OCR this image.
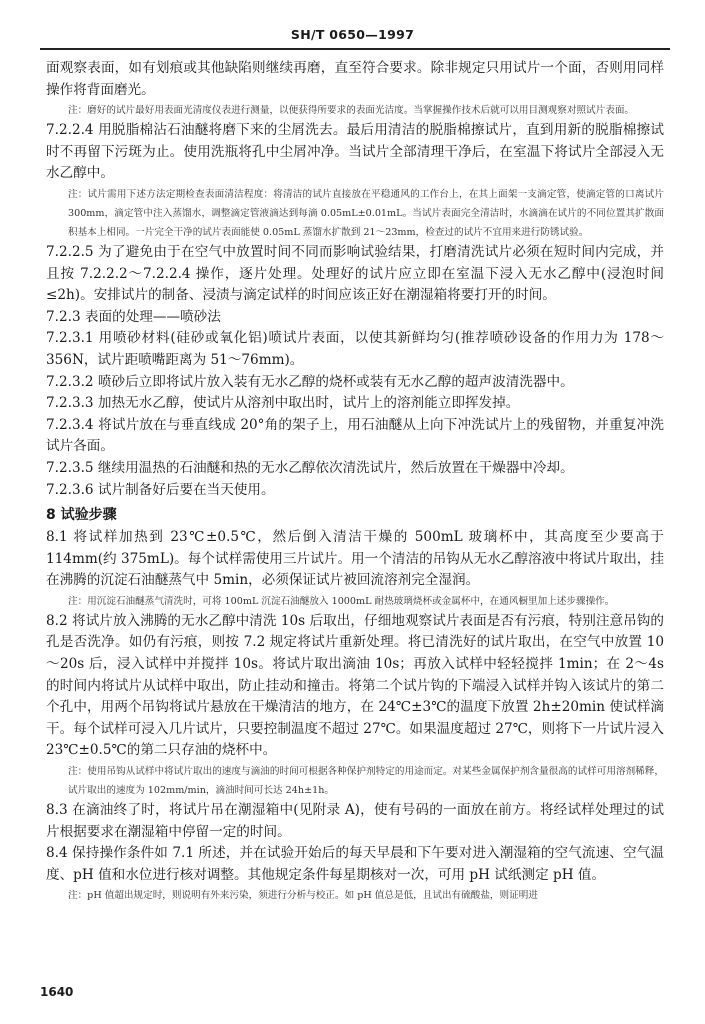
SH/T 0650—1997

面观察表面，如有划痕或其他缺陷则继续再磨，直至符合要求。除非规定只用试片一个面，否则用同样操作将背面磨光。

注：磨好的试片最好用表面光清度仪表进行测量，以便获得所要求的表面光洁度。当掌握操作技术后就可以用目测观察对照试片表面。

7.2.2.4 用脱脂棉沾石油醚将磨下来的尘屑洗去。最后用清洁的脱脂棉擦试片，直到用新的脱脂棉擦试时不再留下污斑为止。使用洗瓶将孔中尘屑冲净。当试片全部清理干净后，在室温下将试片全部浸入无水乙醇中。

注：试片需用下述方法定期检查表面清洁程度：将清洁的试片直接放在平稳通风的工作台上，在其上面架一支滴定管，使滴定管的口离试片 300mm，滴定管中注入蒸馏水，调整滴定管液滴达到每滴 0.05mL±0.01mL。当试片表面完全清洁时，水滴滴在试片的不同位置其扩散面积基本上相同。一片完全干净的试片表面能使 0.05mL 蒸馏水扩散到 21～23mm，检查过的试片不宜用来进行防锈试验。

7.2.2.5 为了避免由于在空气中放置时间不同而影响试验结果，打磨清洗试片必须在短时间内完成，并且按 7.2.2.2～7.2.2.4 操作，逐片处理。处理好的试片应立即在室温下浸入无水乙醇中(浸泡时间≤2h)。安排试片的制备、浸渍与滴定试样的时间应该正好在潮湿箱将要打开的时间。

7.2.3 表面的处理——喷砂法

7.2.3.1 用喷砂材料(硅砂或氧化铝)喷试片表面，以使其新鲜均匀(推荐喷砂设备的作用力为 178～356N，试片距喷嘴距离为 51～76mm)。

7.2.3.2 喷砂后立即将试片放入装有无水乙醇的烧杯或装有无水乙醇的超声波清洗器中。

7.2.3.3 加热无水乙醇，使试片从溶剂中取出时，试片上的溶剂能立即挥发掉。

7.2.3.4 将试片放在与垂直线成 20°角的架子上，用石油醚从上向下冲洗试片上的残留物，并重复冲洗试片各面。

7.2.3.5 继续用温热的石油醚和热的无水乙醇依次清洗试片，然后放置在干燥器中冷却。

7.2.3.6 试片制备好后要在当天使用。

8 试验步骤

8.1 将试样加热到 23℃±0.5℃，然后倒入清洁干燥的 500mL 玻璃杯中，其高度至少要高于 114mm(约 375mL)。每个试样需使用三片试片。用一个清洁的吊钩从无水乙醇溶液中将试片取出，挂在沸腾的沉淀石油醚蒸气中 5min，必须保证试片被回流溶剂完全湿润。

注：用沉淀石油醚蒸气清洗时，可将 100mL 沉淀石油醚放入 1000mL 耐热玻璃烧杯或金属杯中，在通风橱里加上述步骤操作。

8.2 将试片放入沸腾的无水乙醇中清洗 10s 后取出，仔细地观察试片表面是否有污痕，特别注意吊钩的孔是否洗净。如仍有污痕，则按 7.2 规定将试片重新处理。将已清洗好的试片取出，在空气中放置 10～20s 后，浸入试样中并搅拌 10s。将试片取出滴油 10s；再放入试样中轻轻搅拌 1min；在 2～4s 的时间内将试片从试样中取出，防止挂动和撞击。将第二个试片钩的下端浸入试样并钩入该试片的第二个孔中，用两个吊钩将试片悬放在干燥清洁的地方，在 24℃±3℃的温度下放置 2h±20min 使试样滴干。每个试样可浸入几片试片，只要控制温度不超过 27℃。如果温度超过 27℃，则将下一片试片浸入 23℃±0.5℃的第二只存油的烧杯中。

注：使用吊钩从试样中将试片取出的速度与滴油的时间可根据各种保护剂特定的用途而定。对某些金属保护剂含量很高的试样可用溶剂稀释，试片取出的速度为 102mm/min，滴油时间可长达 24h±1h。

8.3 在滴油终了时，将试片吊在潮湿箱中(见附录 A)，使有号码的一面放在前方。将经试样处理过的试片根据要求在潮湿箱中停留一定的时间。

8.4 保持操作条件如 7.1 所述，并在试验开始后的每天早晨和下午要对进入潮湿箱的空气流速、空气温度、pH 值和水位进行核对调整。其他规定条件每星期核对一次，可用 pH 试纸测定 pH 值。

注：pH 值超出规定时，则说明有外来污染，须进行分析与校正。如 pH 值总是低，且试出有硫酸盐，则证明进

1640
